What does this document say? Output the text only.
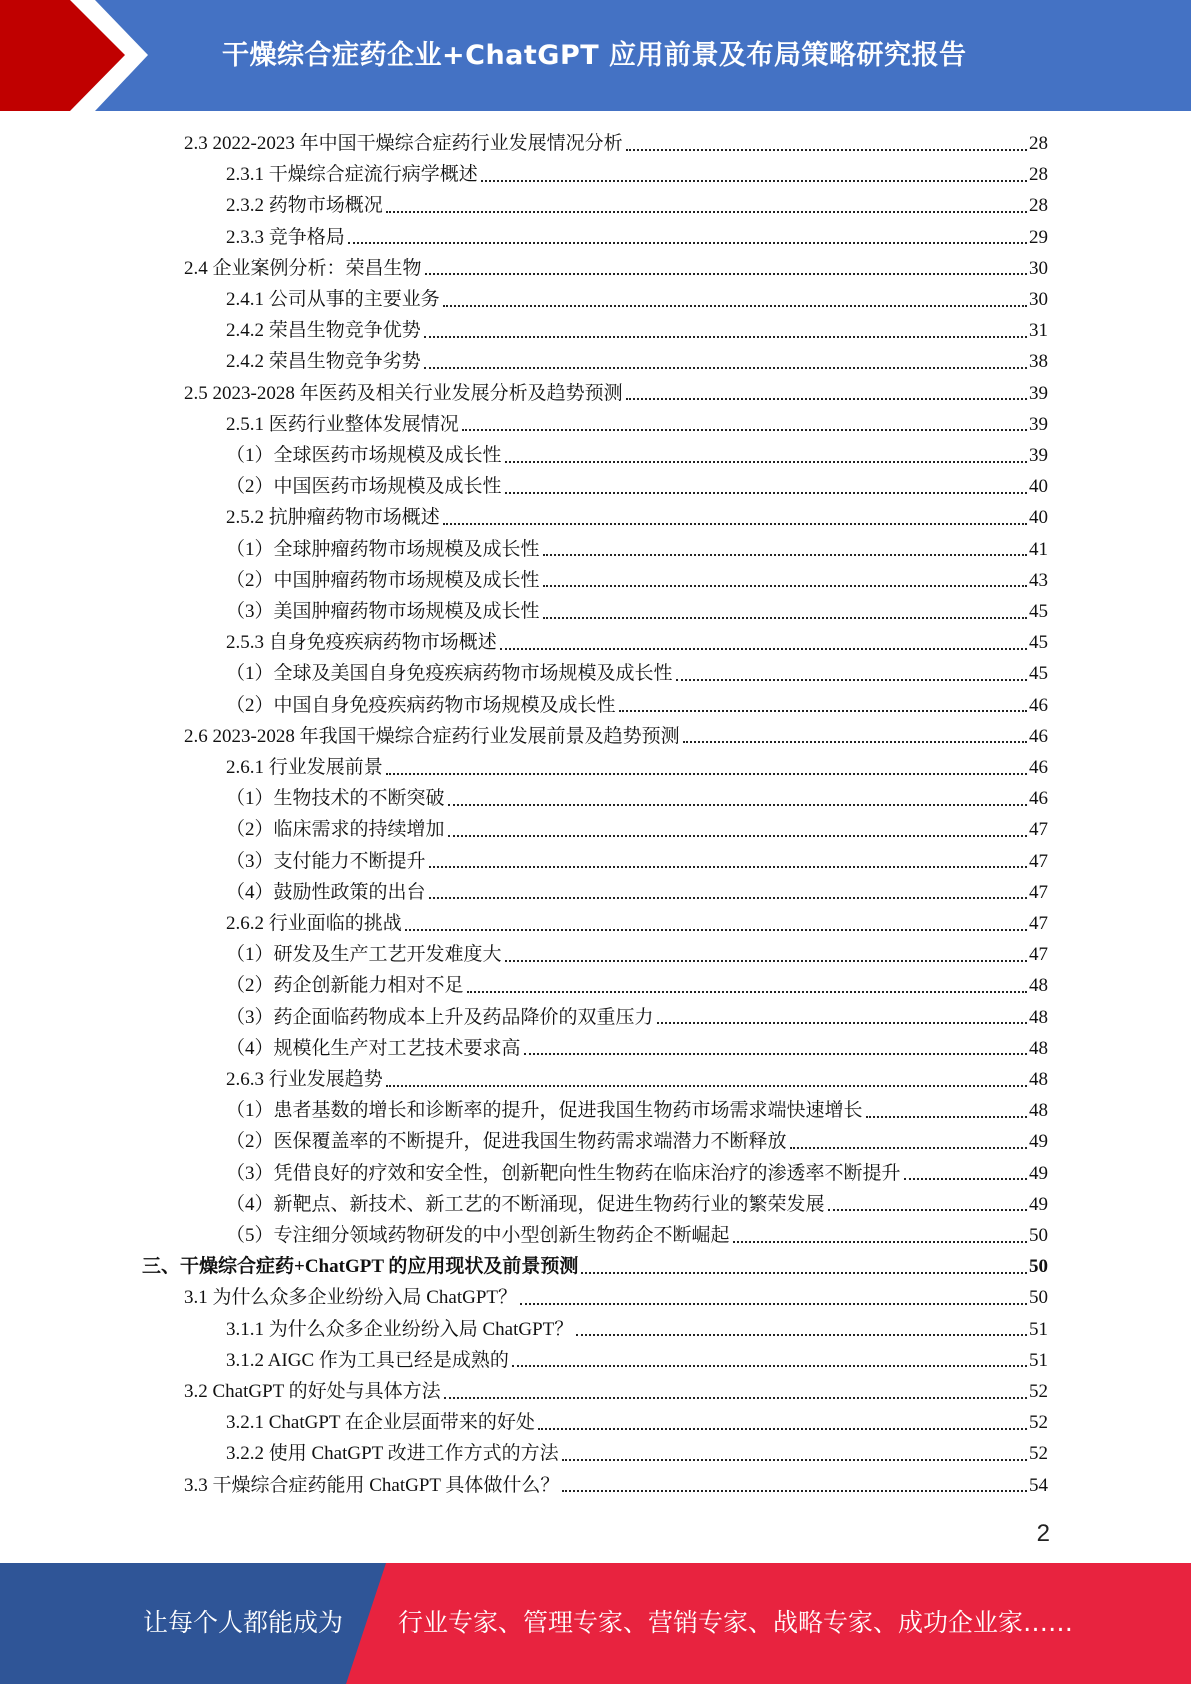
干燥综合症药企业+ChatGPT 应用前景及布局策略研究报告
2.3 2022-2023 年中国干燥综合症药行业发展情况分析	28
2.3.1 干燥综合症流行病学概述	28
2.3.2 药物市场概况	28
2.3.3 竞争格局	29
2.4 企业案例分析：荣昌生物	30
2.4.1 公司从事的主要业务	30
2.4.2 荣昌生物竞争优势	31
2.4.2 荣昌生物竞争劣势	38
2.5 2023-2028 年医药及相关行业发展分析及趋势预测	39
2.5.1 医药行业整体发展情况	39
（1）全球医药市场规模及成长性	39
（2）中国医药市场规模及成长性	40
2.5.2 抗肿瘤药物市场概述	40
（1）全球肿瘤药物市场规模及成长性	41
（2）中国肿瘤药物市场规模及成长性	43
（3）美国肿瘤药物市场规模及成长性	45
2.5.3 自身免疫疾病药物市场概述	45
（1）全球及美国自身免疫疾病药物市场规模及成长性	45
（2）中国自身免疫疾病药物市场规模及成长性	46
2.6 2023-2028 年我国干燥综合症药行业发展前景及趋势预测	46
2.6.1 行业发展前景	46
（1）生物技术的不断突破	46
（2）临床需求的持续增加	47
（3）支付能力不断提升	47
（4）鼓励性政策的出台	47
2.6.2 行业面临的挑战	47
（1）研发及生产工艺开发难度大	47
（2）药企创新能力相对不足	48
（3）药企面临药物成本上升及药品降价的双重压力	48
（4）规模化生产对工艺技术要求高	48
2.6.3 行业发展趋势	48
（1）患者基数的增长和诊断率的提升，促进我国生物药市场需求端快速增长	48
（2）医保覆盖率的不断提升，促进我国生物药需求端潜力不断释放	49
（3）凭借良好的疗效和安全性，创新靶向性生物药在临床治疗的渗透率不断提升	49
（4）新靶点、新技术、新工艺的不断涌现，促进生物药行业的繁荣发展	49
（5）专注细分领域药物研发的中小型创新生物药企不断崛起	50
三、干燥综合症药+ChatGPT 的应用现状及前景预测	50
3.1 为什么众多企业纷纷入局 ChatGPT？	50
3.1.1 为什么众多企业纷纷入局 ChatGPT？	51
3.1.2 AIGC 作为工具已经是成熟的	51
3.2 ChatGPT 的好处与具体方法	52
3.2.1 ChatGPT 在企业层面带来的好处	52
3.2.2 使用 ChatGPT 改进工作方式的方法	52
3.3 干燥综合症药能用 ChatGPT 具体做什么？	54
2
让每个人都能成为 行业专家、管理专家、营销专家、战略专家、成功企业家……
